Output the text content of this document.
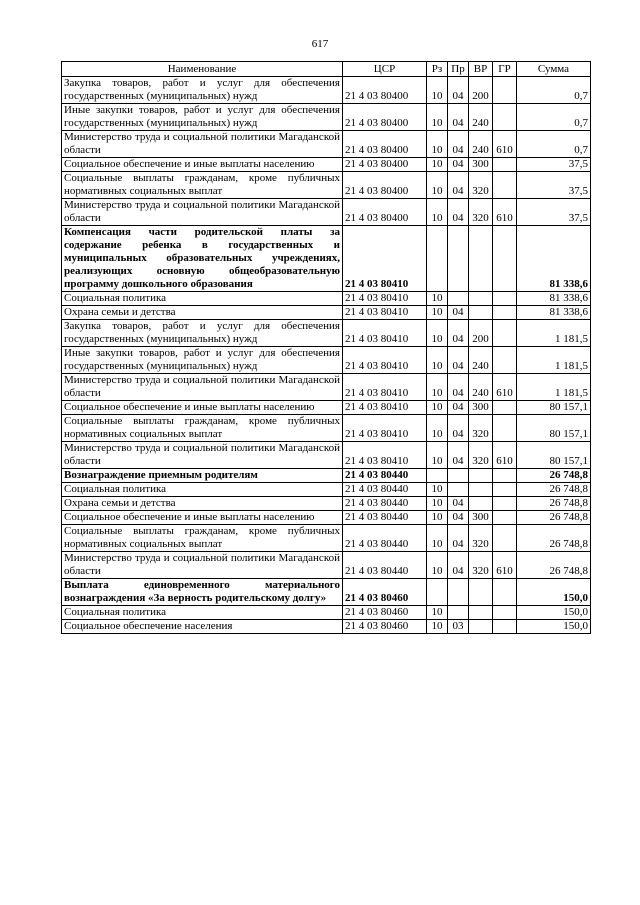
617
Наименование	ЦСР	Рз	Пр	ВР	ГР	Сумма
Закупка товаров, работ и услуг для обеспечения государственных (муниципальных) нужд	21 4 03 80400	10	04	200		0,7
Иные закупки товаров, работ и услуг для обеспечения государственных (муниципальных) нужд	21 4 03 80400	10	04	240		0,7
Министерство труда и социальной политики Магаданской области	21 4 03 80400	10	04	240	610	0,7
Социальное обеспечение и иные выплаты населению	21 4 03 80400	10	04	300		37,5
Социальные выплаты гражданам, кроме публичных нормативных социальных выплат	21 4 03 80400	10	04	320		37,5
Министерство труда и социальной политики Магаданской области	21 4 03 80400	10	04	320	610	37,5
Компенсация части родительской платы за содержание ребенка в государственных и муниципальных образовательных учреждениях, реализующих основную общеобразовательную программу дошкольного образования	21 4 03 80410					81 338,6
Социальная политика	21 4 03 80410	10				81 338,6
Охрана семьи и детства	21 4 03 80410	10	04			81 338,6
Закупка товаров, работ и услуг для обеспечения государственных (муниципальных) нужд	21 4 03 80410	10	04	200		1 181,5
Иные закупки товаров, работ и услуг для обеспечения государственных (муниципальных) нужд	21 4 03 80410	10	04	240		1 181,5
Министерство труда и социальной политики Магаданской области	21 4 03 80410	10	04	240	610	1 181,5
Социальное обеспечение и иные выплаты населению	21 4 03 80410	10	04	300		80 157,1
Социальные выплаты гражданам, кроме публичных нормативных социальных выплат	21 4 03 80410	10	04	320		80 157,1
Министерство труда и социальной политики Магаданской области	21 4 03 80410	10	04	320	610	80 157,1
Вознаграждение приемным родителям	21 4 03 80440					26 748,8
Социальная политика	21 4 03 80440	10				26 748,8
Охрана семьи и детства	21 4 03 80440	10	04			26 748,8
Социальное обеспечение и иные выплаты населению	21 4 03 80440	10	04	300		26 748,8
Социальные выплаты гражданам, кроме публичных нормативных социальных выплат	21 4 03 80440	10	04	320		26 748,8
Министерство труда и социальной политики Магаданской области	21 4 03 80440	10	04	320	610	26 748,8
Выплата единовременного материального вознаграждения «За верность родительскому долгу»	21 4 03 80460					150,0
Социальная политика	21 4 03 80460	10				150,0
Социальное обеспечение населения	21 4 03 80460	10	03			150,0
